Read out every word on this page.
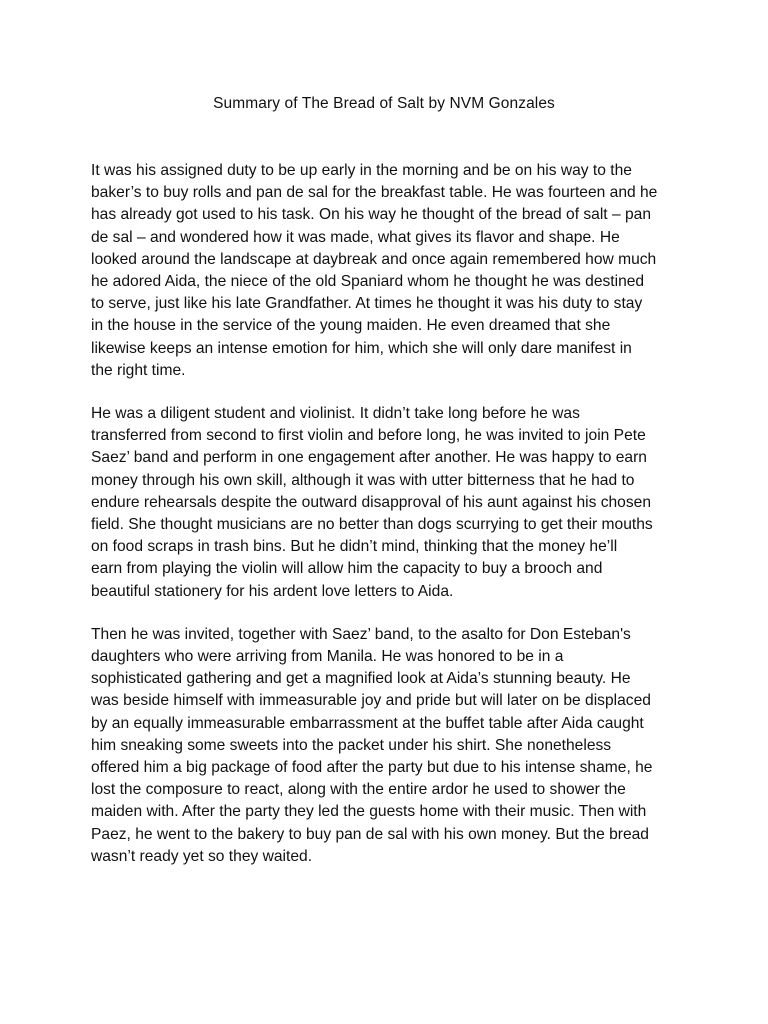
Summary of The Bread of Salt by NVM Gonzales

It was his assigned duty to be up early in the morning and be on his way to the
baker’s to buy rolls and pan de sal for the breakfast table. He was fourteen and he
has already got used to his task. On his way he thought of the bread of salt – pan
de sal – and wondered how it was made, what gives its flavor and shape. He
looked around the landscape at daybreak and once again remembered how much
he adored Aida, the niece of the old Spaniard whom he thought he was destined
to serve, just like his late Grandfather. At times he thought it was his duty to stay
in the house in the service of the young maiden. He even dreamed that she
likewise keeps an intense emotion for him, which she will only dare manifest in
the right time.

He was a diligent student and violinist. It didn’t take long before he was
transferred from second to first violin and before long, he was invited to join Pete
Saez’ band and perform in one engagement after another. He was happy to earn
money through his own skill, although it was with utter bitterness that he had to
endure rehearsals despite the outward disapproval of his aunt against his chosen
field. She thought musicians are no better than dogs scurrying to get their mouths
on food scraps in trash bins. But he didn’t mind, thinking that the money he’ll
earn from playing the violin will allow him the capacity to buy a brooch and
beautiful stationery for his ardent love letters to Aida.

Then he was invited, together with Saez’ band, to the asalto for Don Esteban's
daughters who were arriving from Manila. He was honored to be in a
sophisticated gathering and get a magnified look at Aida’s stunning beauty. He
was beside himself with immeasurable joy and pride but will later on be displaced
by an equally immeasurable embarrassment at the buffet table after Aida caught
him sneaking some sweets into the packet under his shirt. She nonetheless
offered him a big package of food after the party but due to his intense shame, he
lost the composure to react, along with the entire ardor he used to shower the
maiden with. After the party they led the guests home with their music. Then with
Paez, he went to the bakery to buy pan de sal with his own money. But the bread
wasn’t ready yet so they waited.
